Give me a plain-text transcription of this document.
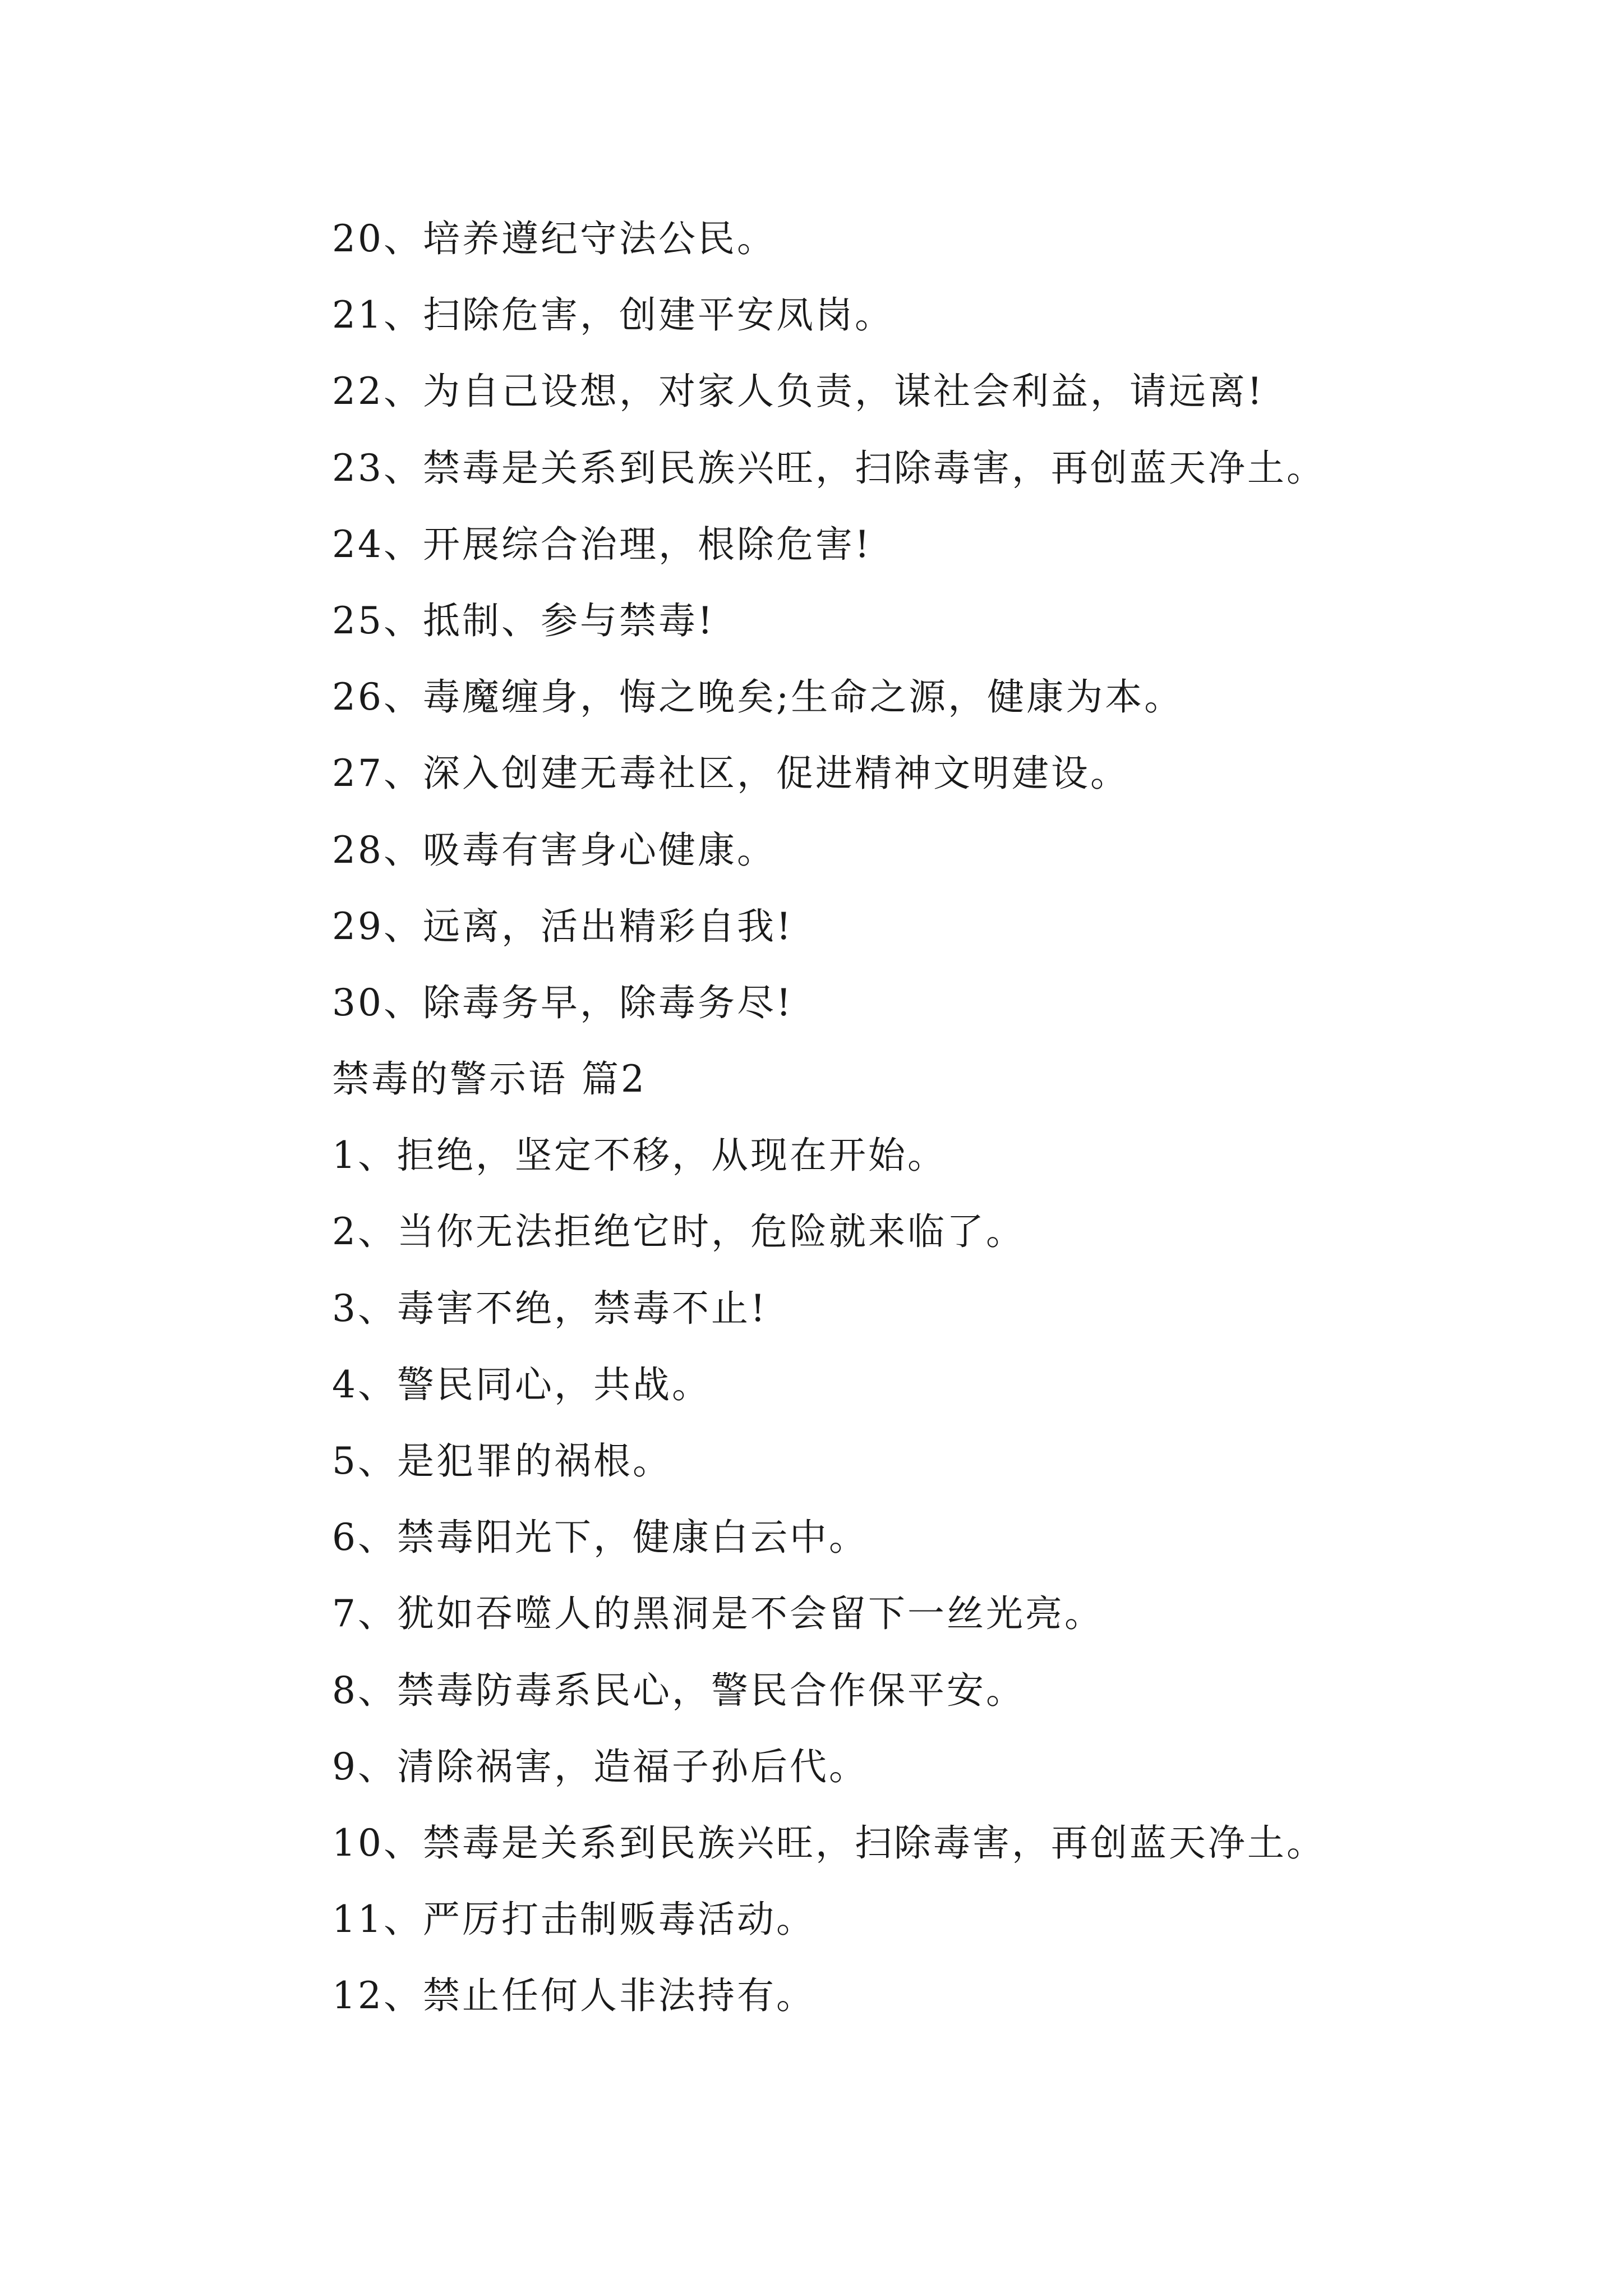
20、培养遵纪守法公民。
21、扫除危害，创建平安凤岗。
22、为自己设想，对家人负责，谋社会利益，请远离!
23、禁毒是关系到民族兴旺，扫除毒害，再创蓝天净土。
24、开展综合治理，根除危害!
25、抵制、参与禁毒!
26、毒魔缠身，悔之晚矣;生命之源，健康为本。
27、深入创建无毒社区，促进精神文明建设。
28、吸毒有害身心健康。
29、远离，活出精彩自我!
30、除毒务早，除毒务尽!
禁毒的警示语 篇2
1、拒绝，坚定不移，从现在开始。
2、当你无法拒绝它时，危险就来临了。
3、毒害不绝，禁毒不止!
4、警民同心，共战。
5、是犯罪的祸根。
6、禁毒阳光下，健康白云中。
7、犹如吞噬人的黑洞是不会留下一丝光亮。
8、禁毒防毒系民心，警民合作保平安。
9、清除祸害，造福子孙后代。
10、禁毒是关系到民族兴旺，扫除毒害，再创蓝天净土。
11、严厉打击制贩毒活动。
12、禁止任何人非法持有。
